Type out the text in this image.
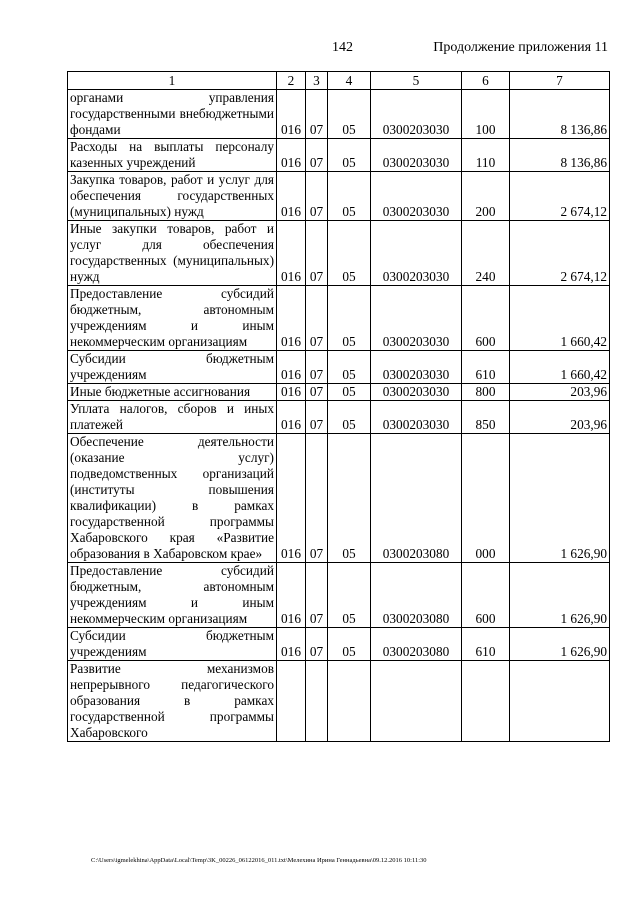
142	Продолжение приложения 11
1	2	3	4	5	6	7
органами управления государственными внебюджетными фондами	016	07	05	0300203030	100	8 136,86
Расходы на выплаты персоналу казенных учреждений	016	07	05	0300203030	110	8 136,86
Закупка товаров, работ и услуг для обеспечения государственных (муниципальных) нужд	016	07	05	0300203030	200	2 674,12
Иные закупки товаров, работ и услуг для обеспечения государственных (муниципальных) нужд	016	07	05	0300203030	240	2 674,12
Предоставление субсидий бюджетным, автономным учреждениям и иным некоммерческим организациям	016	07	05	0300203030	600	1 660,42
Субсидии бюджетным учреждениям	016	07	05	0300203030	610	1 660,42
Иные бюджетные ассигнования	016	07	05	0300203030	800	203,96
Уплата налогов, сборов и иных платежей	016	07	05	0300203030	850	203,96
Обеспечение деятельности (оказание услуг) подведомственных организаций (институты повышения квалификации) в рамках государственной программы Хабаровского края «Развитие образования в Хабаровском крае»	016	07	05	0300203080	000	1 626,90
Предоставление субсидий бюджетным, автономным учреждениям и иным некоммерческим организациям	016	07	05	0300203080	600	1 626,90
Субсидии бюджетным учреждениям	016	07	05	0300203080	610	1 626,90
Развитие механизмов непрерывного педагогического образования в рамках государственной программы Хабаровского						
C:\Users\igmelekhina\AppData\Local\Temp\3K_00226_06122016_011.txt\Мелехина Ирина Геннадьевна\09.12.2016 10:11:30
